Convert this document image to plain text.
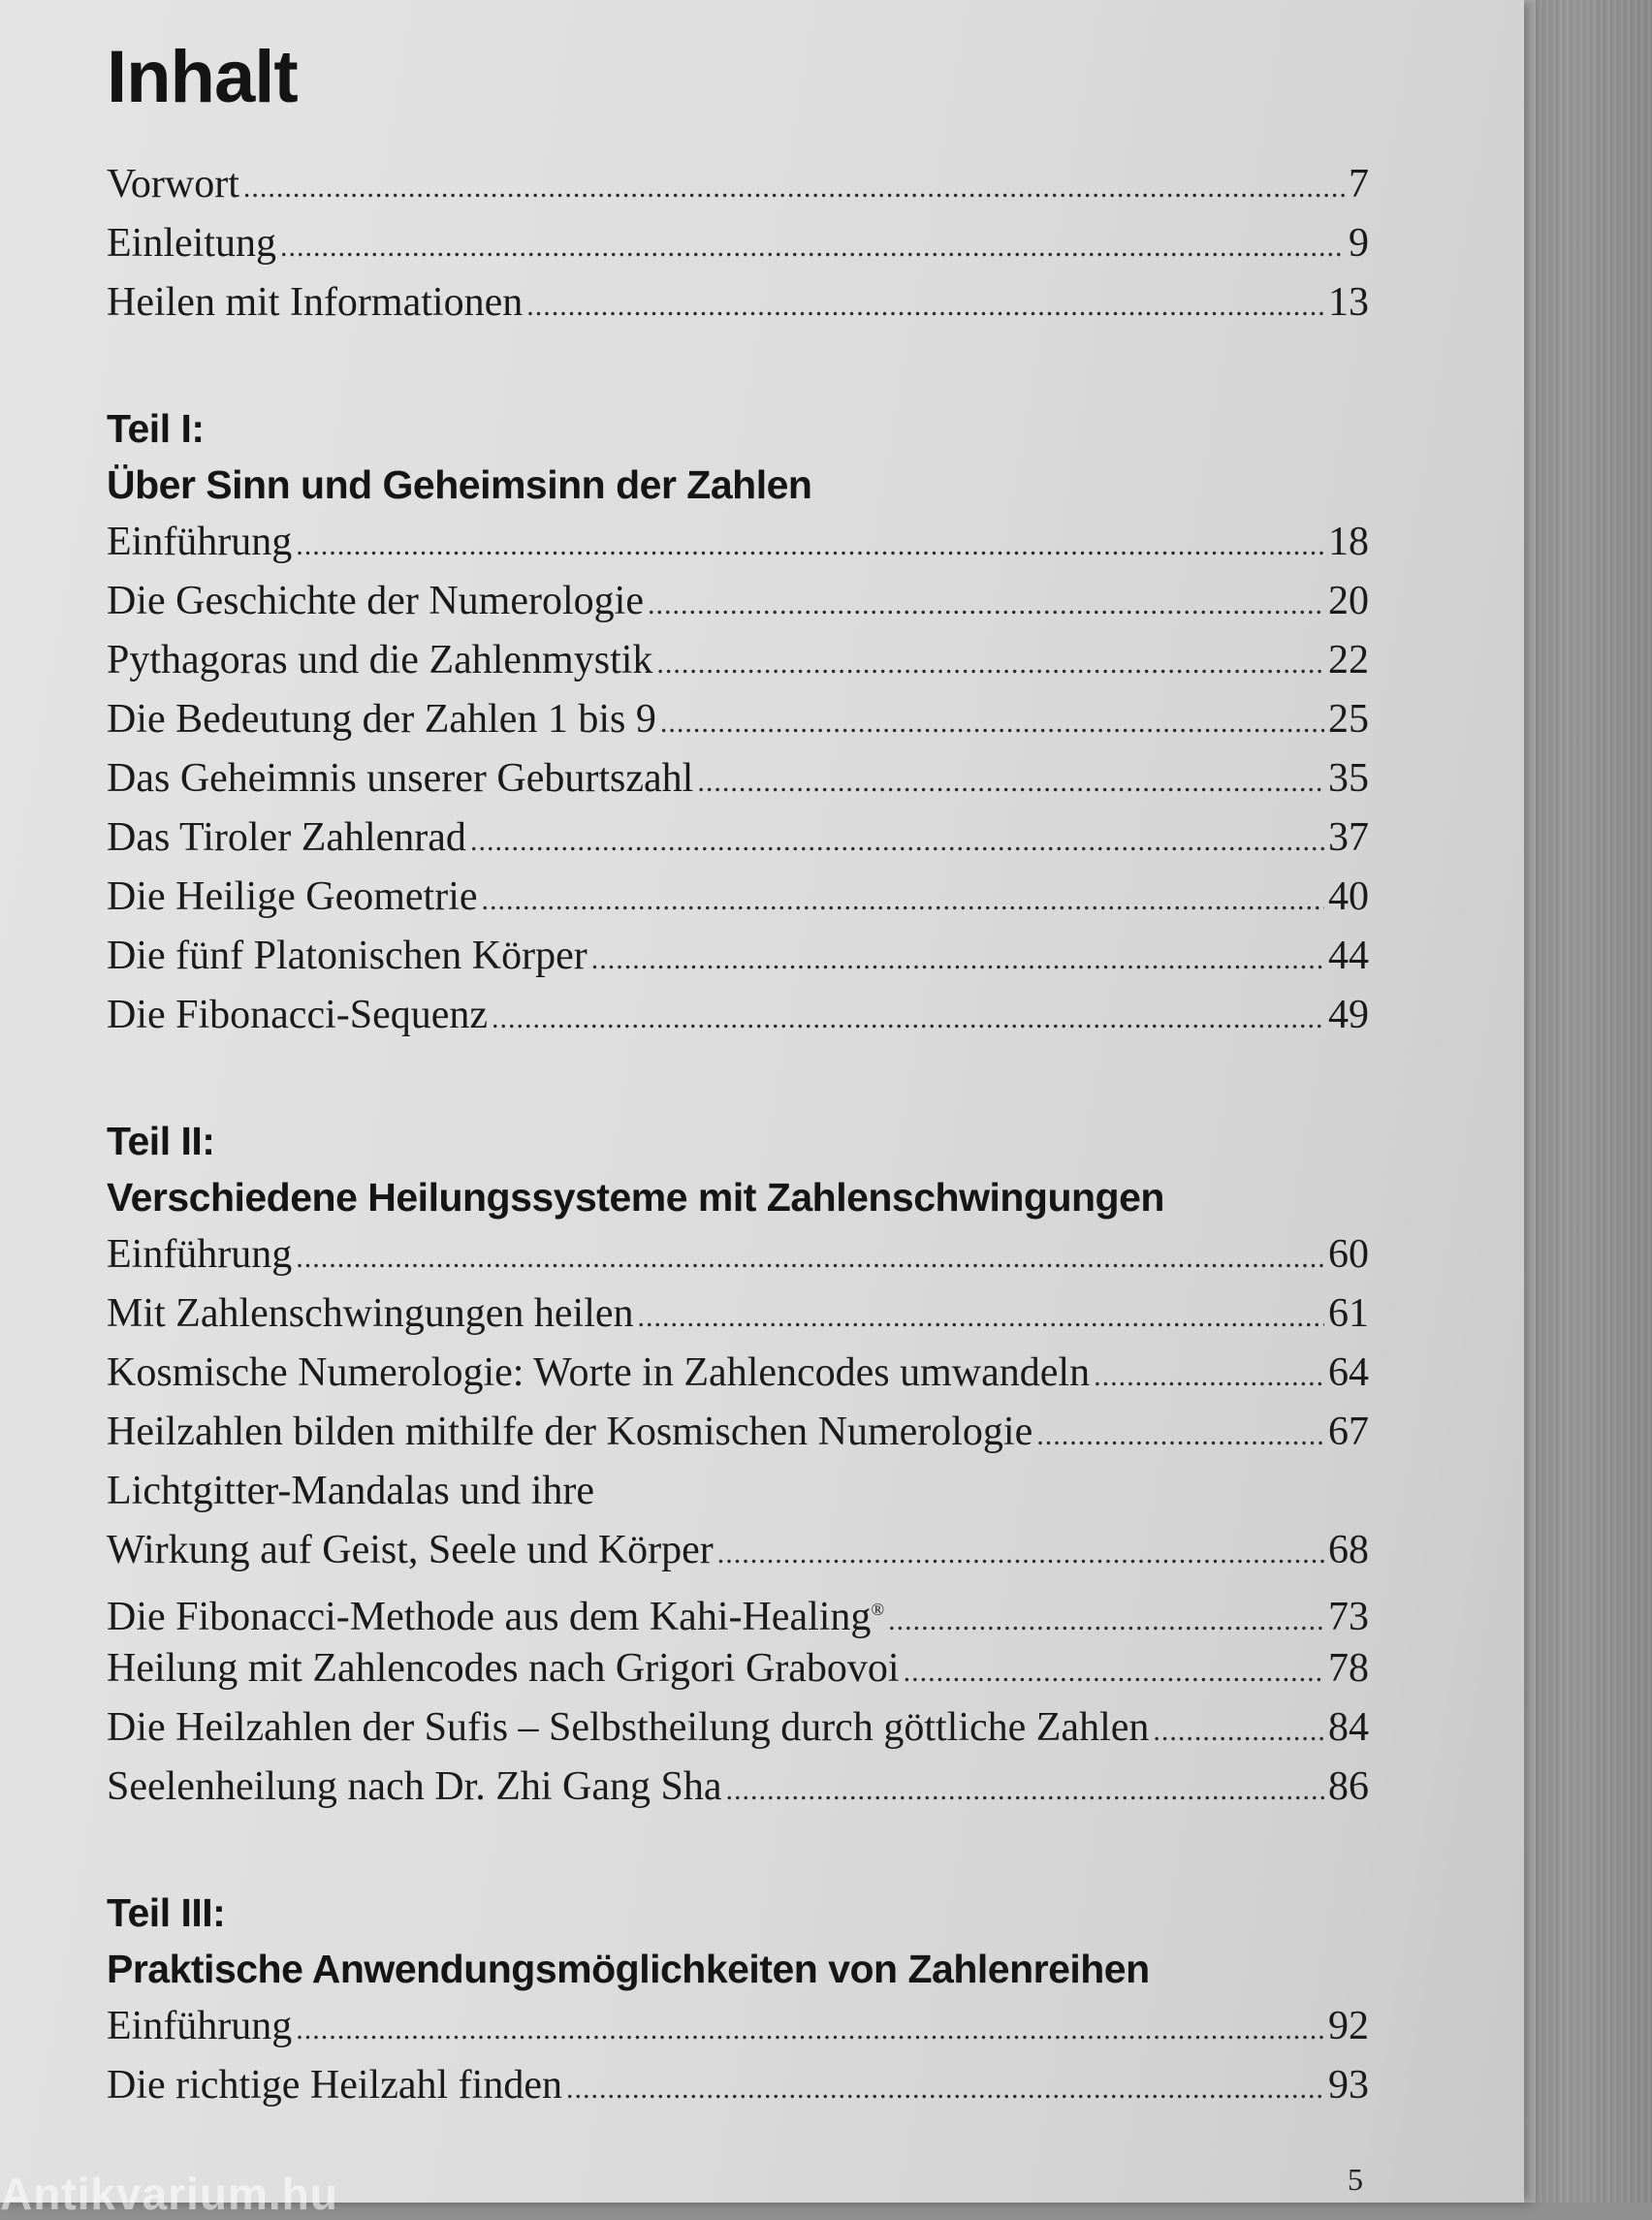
Inhalt
Vorwort .....	7
Einleitung .....	9
Heilen mit Informationen .....	13
Teil I:
Über Sinn und Geheimsinn der Zahlen
Einführung .....	18
Die Geschichte der Numerologie .....	20
Pythagoras und die Zahlenmystik .....	22
Die Bedeutung der Zahlen 1 bis 9 .....	25
Das Geheimnis unserer Geburtszahl .....	35
Das Tiroler Zahlenrad .....	37
Die Heilige Geometrie .....	40
Die fünf Platonischen Körper .....	44
Die Fibonacci-Sequenz .....	49
Teil II:
Verschiedene Heilungssysteme mit Zahlenschwingungen
Einführung .....	60
Mit Zahlenschwingungen heilen .....	61
Kosmische Numerologie: Worte in Zahlencodes umwandeln .....	64
Heilzahlen bilden mithilfe der Kosmischen Numerologie .....	67
Lichtgitter-Mandalas und ihre
Wirkung auf Geist, Seele und Körper .....	68
Die Fibonacci-Methode aus dem Kahi-Healing® .....	73
Heilung mit Zahlencodes nach Grigori Grabovoi .....	78
Die Heilzahlen der Sufis – Selbstheilung durch göttliche Zahlen .....	84
Seelenheilung nach Dr. Zhi Gang Sha .....	86
Teil III:
Praktische Anwendungsmöglichkeiten von Zahlenreihen
Einführung .....	92
Die richtige Heilzahl finden .....	93
Antikvarium.hu	5
